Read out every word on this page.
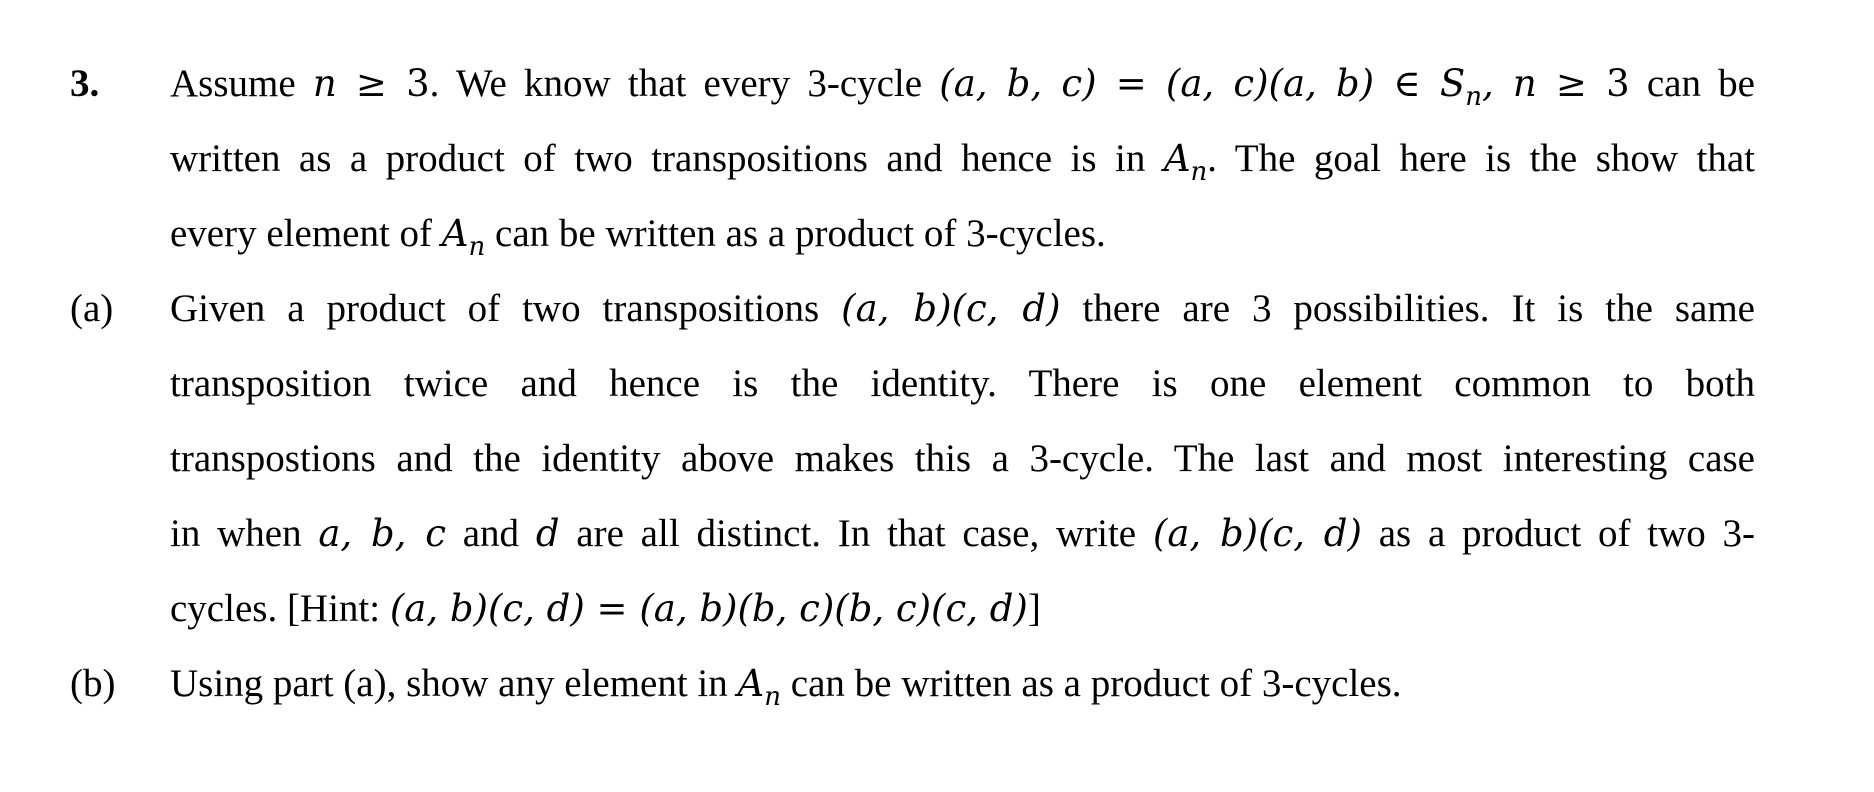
3. Assume n ≥ 3. We know that every 3-cycle (a, b, c) = (a, c)(a, b) ∈ $S_n$, n ≥ 3 can be
written as a product of two transpositions and hence is in $A_n$. The goal here is the show that
every element of $A_n$ can be written as a product of 3-cycles.
(a) Given a product of two transpositions (a, b)(c, d) there are 3 possibilities. It is the same
transposition twice and hence is the identity. There is one element common to both
transpostions and the identity above makes this a 3-cycle. The last and most interesting case
in when a, b, c and d are all distinct. In that case, write (a, b)(c, d) as a product of two 3-
cycles. [Hint: (a, b)(c, d) = (a, b)(b, c)(b, c)(c, d)]
(b) Using part (a), show any element in $A_n$ can be written as a product of 3-cycles.
